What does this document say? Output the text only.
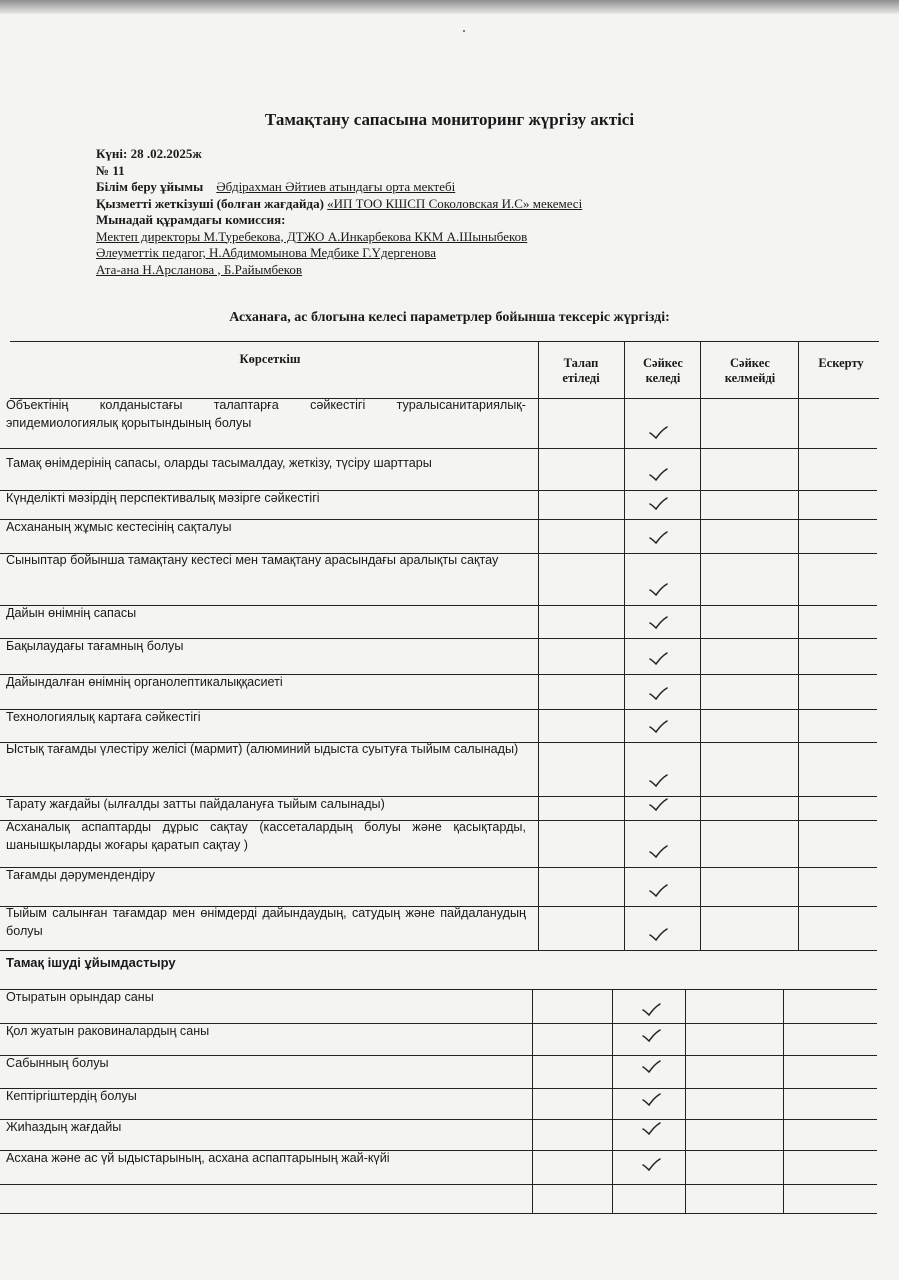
Тамақтану сапасына мониторинг жүргізу актісі
Күні: 28 .02.2025ж
№ 11
Білім беру ұйымы Әбдірахман Әйтиев атындағы орта мектебі
Қызметті жеткізуші (болған жағдайда) «ИП ТОО КШСП Соколовская И.С» мекемесі
Мынадай құрамдағы комиссия:
Мектеп директоры М.Туребекова, ДТЖО А.Инкарбекова ККМ А.Шыныбеков
Әлеуметтік педагог, Н.Абдимомынова Медбике Г.Үдергенова
Ата-ана Н.Арсланова , Б.Райымбеков
Асханаға, ас блогына келесі параметрлер бойынша тексеріс жүргізді:
Көрсеткіш	Талап етіледі
Сәйкес келеді
Сәйкес келмейді
Ескерту
Объектінің колданыстағы талаптарға сәйкестігі туралысанитариялық-эпидемиологиялық қорытындының болуы
Тамақ өнімдерінің сапасы, оларды тасымалдау, жеткізу, түсіру шарттары
Күнделікті мәзірдің перспективалық мәзірге сәйкестігі
Асхананың жұмыс кестесінің сақталуы
Сыныптар бойынша тамақтану кестесі мен тамақтану арасындағы аралықты сақтау
Дайын өнімнің сапасы
Бақылаудағы тағамның болуы
Дайындалған өнімнің органолептикалыққасиеті
Технологиялық картаға сәйкестігі
Ыстық тағамды үлестіру желісі (мармит) (алюминий ыдыста суытуға тыйым салынады)
Тарату жағдайы (ылғалды затты пайдалануға тыйым салынады)
Асханалық аспаптарды дұрыс сақтау (кассеталардың болуы және қасықтарды, шанышқыларды жоғары қаратып сақтау )
Тағамды дәрумендендіру
Тыйым салынған тағамдар мен өнімдерді дайындаудың, сатудың және пайдаланудың болуы
Тамақ ішуді ұйымдастыру
Отыратын орындар саны
Қол жуатын раковиналардың саны
Сабынның болуы
Кептіргіштердің болуы
Жиһаздың жағдайы
Асхана және ас үй ыдыстарының, асхана аспаптарының жай-күйі
